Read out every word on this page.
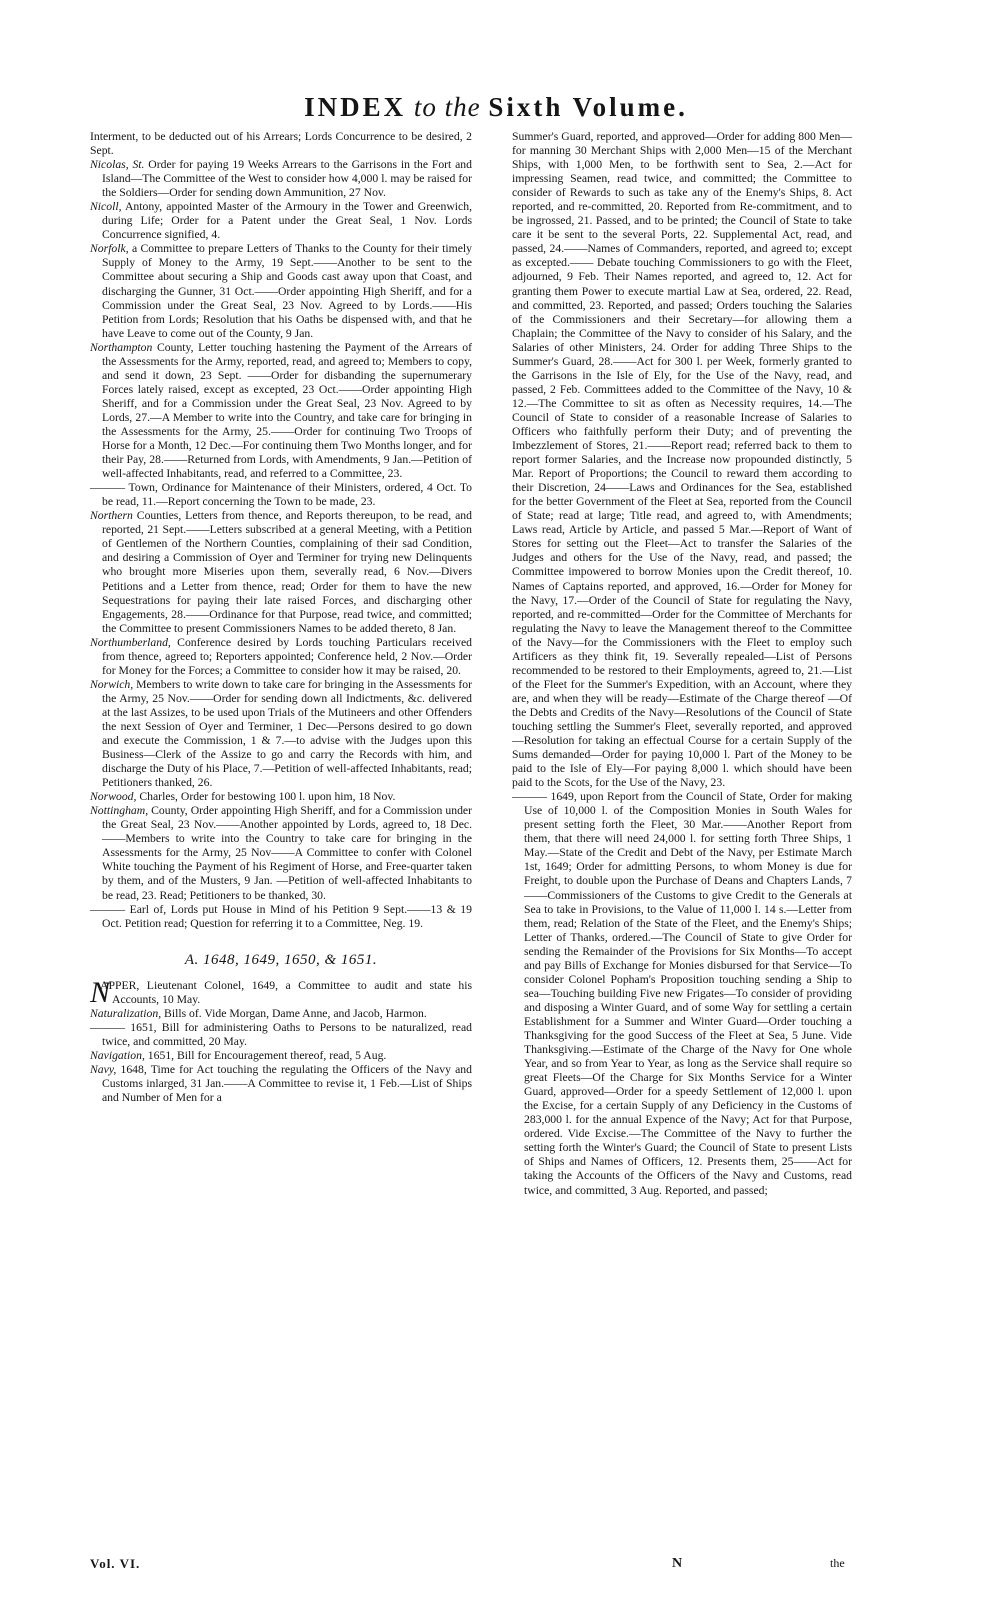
INDEX to the Sixth Volume.

Interment, to be deducted out of his Arrears; Lords Concurrence to be desired, 2 Sept.

Nicolas, St. Order for paying 19 Weeks Arrears to the Garrisons in the Fort and Island—The Committee of the West to consider how 4,000 l. may be raised for the Soldiers—Order for sending down Ammunition, 27 Nov.

Nicoll, Antony, appointed Master of the Armoury in the Tower and Greenwich, during Life; Order for a Patent under the Great Seal, 1 Nov. Lords Concurrence signified, 4.

Norfolk, a Committee to prepare Letters of Thanks to the County for their timely Supply of Money to the Army, 19 Sept.——Another to be sent to the Committee about securing a Ship and Goods cast away upon that Coast, and discharging the Gunner, 31 Oct.——Order appointing High Sheriff, and for a Commission under the Great Seal, 23 Nov. Agreed to by Lords.——His Petition from Lords; Resolution that his Oaths be dispensed with, and that he have Leave to come out of the County, 9 Jan.

Northampton County, Letter touching hastening the Payment of the Arrears of the Assessments for the Army, reported, read, and agreed to; Members to copy, and send it down, 23 Sept. ——Order for disbanding the supernumerary Forces lately raised, except as excepted, 23 Oct.——Order appointing High Sheriff, and for a Commission under the Great Seal, 23 Nov. Agreed to by Lords, 27.—A Member to write into the Country, and take care for bringing in the Assessments for the Army, 25.——Order for continuing Two Troops of Horse for a Month, 12 Dec.—For continuing them Two Months longer, and for their Pay, 28.——Returned from Lords, with Amendments, 9 Jan.—Petition of well-affected Inhabitants, read, and referred to a Committee, 23.

——— Town, Ordinance for Maintenance of their Ministers, ordered, 4 Oct. To be read, 11.—Report concerning the Town to be made, 23.

Northern Counties, Letters from thence, and Reports thereupon, to be read, and reported, 21 Sept.——Letters subscribed at a general Meeting, with a Petition of Gentlemen of the Northern Counties, complaining of their sad Condition, and desiring a Commission of Oyer and Terminer for trying new Delinquents who brought more Miseries upon them, severally read, 6 Nov.—Divers Petitions and a Letter from thence, read; Order for them to have the new Sequestrations for paying their late raised Forces, and discharging other Engagements, 28.——Ordinance for that Purpose, read twice, and committed; the Committee to present Commissioners Names to be added thereto, 8 Jan.

Northumberland, Conference desired by Lords touching Particulars received from thence, agreed to; Reporters appointed; Conference held, 2 Nov.—Order for Money for the Forces; a Committee to consider how it may be raised, 20.

Norwich, Members to write down to take care for bringing in the Assessments for the Army, 25 Nov.——Order for sending down all Indictments, &c. delivered at the last Assizes, to be used upon Trials of the Mutineers and other Offenders the next Session of Oyer and Terminer, 1 Dec—Persons desired to go down and execute the Commission, 1 & 7.—to advise with the Judges upon this Business—Clerk of the Assize to go and carry the Records with him, and discharge the Duty of his Place, 7.—Petition of well-affected Inhabitants, read; Petitioners thanked, 26.

Norwood, Charles, Order for bestowing 100 l. upon him, 18 Nov.

Nottingham, County, Order appointing High Sheriff, and for a Commission under the Great Seal, 23 Nov.——Another appointed by Lords, agreed to, 18 Dec.——Members to write into the Country to take care for bringing in the Assessments for the Army, 25 Nov——A Committee to confer with Colonel White touching the Payment of his Regiment of Horse, and Free-quarter taken by them, and of the Musters, 9 Jan. —Petition of well-affected Inhabitants to be read, 23. Read; Petitioners to be thanked, 30.

——— Earl of, Lords put House in Mind of his Petition 9 Sept.——13 & 19 Oct. Petition read; Question for referring it to a Committee, Neg. 19.

A. 1648, 1649, 1650, & 1651.

N
APPER, Lieutenant Colonel, 1649, a Committee to audit and state his Accounts, 10 May.

Naturalization, Bills of. Vide Morgan, Dame Anne, and Jacob, Harmon.

——— 1651, Bill for administering Oaths to Persons to be naturalized, read twice, and committed, 20 May.

Navigation, 1651, Bill for Encouragement thereof, read, 5 Aug.

Navy, 1648, Time for Act touching the regulating the Officers of the Navy and Customs inlarged, 31 Jan.——A Committee to revise it, 1 Feb.—List of Ships and Number of Men for a

Summer's Guard, reported, and approved—Order for adding 800 Men—for manning 30 Merchant Ships with 2,000 Men—15 of the Merchant Ships, with 1,000 Men, to be forthwith sent to Sea, 2.—Act for impressing Seamen, read twice, and committed; the Committee to consider of Rewards to such as take any of the Enemy's Ships, 8. Act reported, and re-committed, 20. Reported from Re-commitment, and to be ingrossed, 21. Passed, and to be printed; the Council of State to take care it be sent to the several Ports, 22. Supplemental Act, read, and passed, 24.——Names of Commanders, reported, and agreed to; except as excepted.—— Debate touching Commissioners to go with the Fleet, adjourned, 9 Feb. Their Names reported, and agreed to, 12. Act for granting them Power to execute martial Law at Sea, ordered, 22. Read, and committed, 23. Reported, and passed; Orders touching the Salaries of the Commissioners and their Secretary—for allowing them a Chaplain; the Committee of the Navy to consider of his Salary, and the Salaries of other Ministers, 24. Order for adding Three Ships to the Summer's Guard, 28.——Act for 300 l. per Week, formerly granted to the Garrisons in the Isle of Ely, for the Use of the Navy, read, and passed, 2 Feb. Committees added to the Committee of the Navy, 10 & 12.—The Committee to sit as often as Necessity requires, 14.—The Council of State to consider of a reasonable Increase of Salaries to Officers who faithfully perform their Duty; and of preventing the Imbezzlement of Stores, 21.——Report read; referred back to them to report former Salaries, and the Increase now propounded distinctly, 5 Mar. Report of Proportions; the Council to reward them according to their Discretion, 24——Laws and Ordinances for the Sea, established for the better Government of the Fleet at Sea, reported from the Council of State; read at large; Title read, and agreed to, with Amendments; Laws read, Article by Article, and passed 5 Mar.—Report of Want of Stores for setting out the Fleet—Act to transfer the Salaries of the Judges and others for the Use of the Navy, read, and passed; the Committee impowered to borrow Monies upon the Credit thereof, 10. Names of Captains reported, and approved, 16.—Order for Money for the Navy, 17.—Order of the Council of State for regulating the Navy, reported, and re-committed—Order for the Committee of Merchants for regulating the Navy to leave the Management thereof to the Committee of the Navy—for the Commissioners with the Fleet to employ such Artificers as they think fit, 19. Severally repealed—List of Persons recommended to be restored to their Employments, agreed to, 21.—List of the Fleet for the Summer's Expedition, with an Account, where they are, and when they will be ready—Estimate of the Charge thereof —Of the Debts and Credits of the Navy—Resolutions of the Council of State touching settling the Summer's Fleet, severally reported, and approved—Resolution for taking an effectual Course for a certain Supply of the Sums demanded—Order for paying 10,000 l. Part of the Money to be paid to the Isle of Ely—For paying 8,000 l. which should have been paid to the Scots, for the Use of the Navy, 23.

——— 1649, upon Report from the Council of State, Order for making Use of 10,000 l. of the Composition Monies in South Wales for present setting forth the Fleet, 30 Mar.——Another Report from them, that there will need 24,000 l. for setting forth Three Ships, 1 May.—State of the Credit and Debt of the Navy, per Estimate March 1st, 1649; Order for admitting Persons, to whom Money is due for Freight, to double upon the Purchase of Deans and Chapters Lands, 7——Commissioners of the Customs to give Credit to the Generals at Sea to take in Provisions, to the Value of 11,000 l. 14 s.—Letter from them, read; Relation of the State of the Fleet, and the Enemy's Ships; Letter of Thanks, ordered.—The Council of State to give Order for sending the Remainder of the Provisions for Six Months—To accept and pay Bills of Exchange for Monies disbursed for that Service—To consider Colonel Popham's Proposition touching sending a Ship to sea—Touching building Five new Frigates—To consider of providing and disposing a Winter Guard, and of some Way for settling a certain Establishment for a Summer and Winter Guard—Order touching a Thanksgiving for the good Success of the Fleet at Sea, 5 June. Vide Thanksgiving.—Estimate of the Charge of the Navy for One whole Year, and so from Year to Year, as long as the Service shall require so great Fleets—Of the Charge for Six Months Service for a Winter Guard, approved—Order for a speedy Settlement of 12,000 l. upon the Excise, for a certain Supply of any Deficiency in the Customs of 283,000 l. for the annual Expence of the Navy; Act for that Purpose, ordered. Vide Excise.—The Committee of the Navy to further the setting forth the Winter's Guard; the Council of State to present Lists of Ships and Names of Officers, 12. Presents them, 25——Act for taking the Accounts of the Officers of the Navy and Customs, read twice, and committed, 3 Aug. Reported, and passed;

Vol. VI.	N	the
